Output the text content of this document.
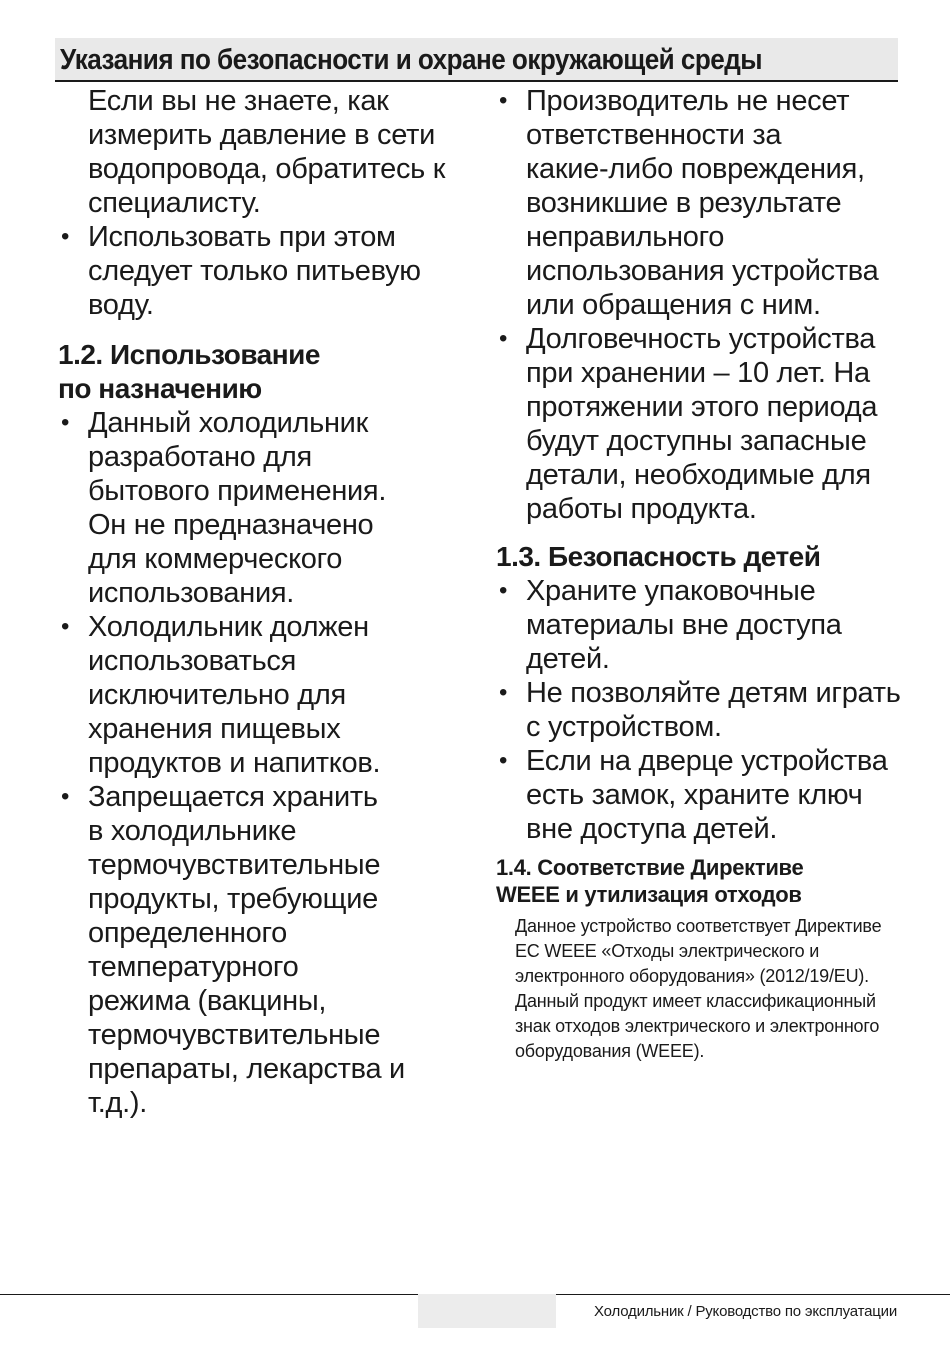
Указания по безопасности и охране окружающей среды
Если вы не знаете, как
измерить давление в сети
водопровода, обратитесь к
специалисту.
• Использовать при этом
следует только питьевую
воду.
1.2. Использование
по назначению
• Данный холодильник
разработано для
бытового применения.
Он не предназначено
для коммерческого
использования.
• Холодильник должен
использоваться
исключительно для
хранения пищевых
продуктов и напитков.
• Запрещается хранить
в холодильнике
термочувствительные
продукты, требующие
определенного
температурного
режима (вакцины,
термочувствительные
препараты, лекарства и
т.д.).
• Производитель не несет
ответственности за
какие-либо повреждения,
возникшие в результате
неправильного
использования устройства
или обращения с ним.
• Долговечность устройства
при хранении – 10 лет. На
протяжении этого периода
будут доступны запасные
детали, необходимые для
работы продукта.
1.3. Безопасность детей
• Храните упаковочные
материалы вне доступа
детей.
• Не позволяйте детям играть
с устройством.
• Если на дверце устройства
есть замок, храните ключ
вне доступа детей.
1.4. Соответствие Директиве
WEEE и утилизация отходов
Данное устройство соответствует Директиве
ЕС WEEE «Отходы электрического и
электронного оборудования» (2012/19/EU).
Данный продукт имеет классификационный
знак отходов электрического и электронного
оборудования (WEEE).
Холодильник / Руководство по эксплуатации
